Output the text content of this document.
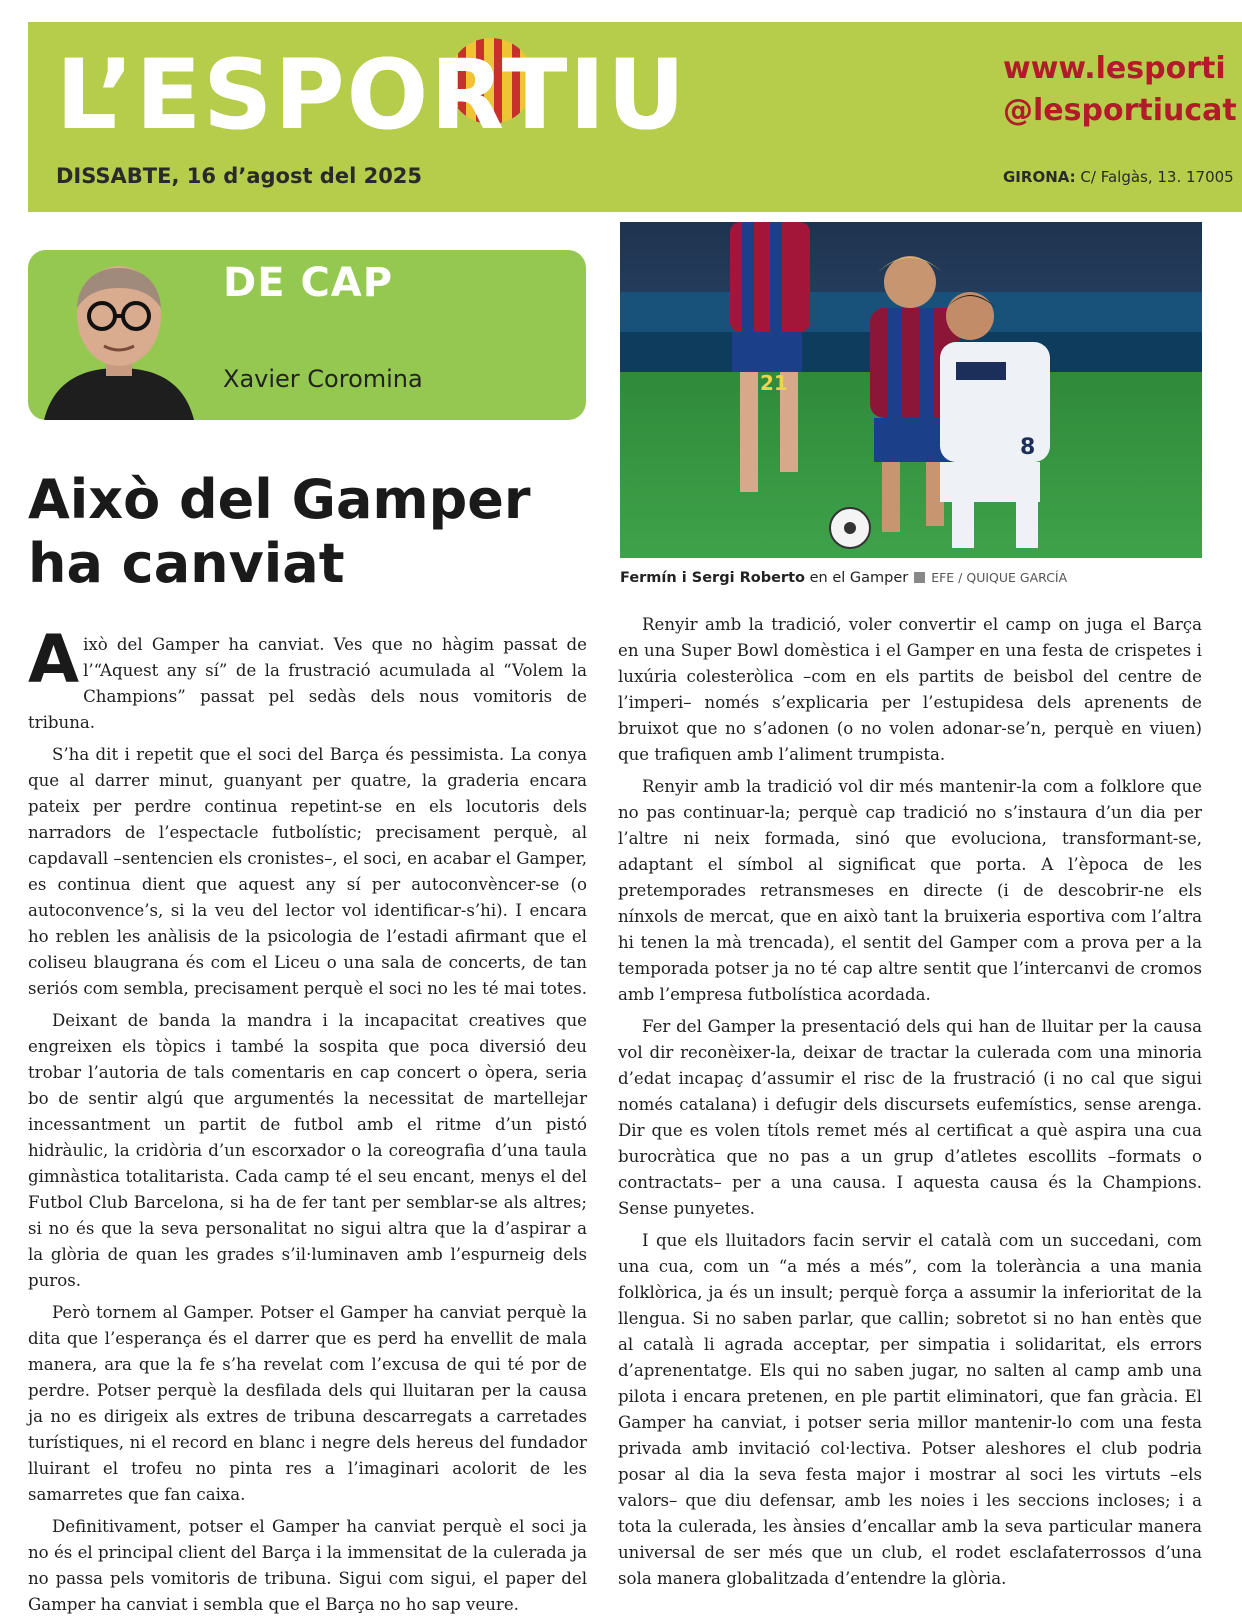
L’ESPORTIU
DISSABTE, 16 d’agost del 2025
www.lesporti
@lesportiucat
GIRONA: C/ Falgàs, 13. 17005
DE CAP
Xavier Coromina
Això del Gamper ha canviat
21
8
Fermín i Sergi Roberto en el Gamper EFE / QUIQUE GARCÍA

Això del Gamper ha canviat. Ves que no hàgim passat de l’“Aquest any sí” de la frustració acumulada al “Volem la Champions” passat pel sedàs dels nous vomitoris de tribuna.

S’ha dit i repetit que el soci del Barça és pessimista. La conya que al darrer minut, guanyant per quatre, la graderia encara pateix per perdre continua repetint-se en els locutoris dels narradors de l’espectacle futbolístic; precisament perquè, al capdavall –sentencien els cronistes–, el soci, en acabar el Gamper, es continua dient que aquest any sí per autoconvèncer-se (o autoconvence’s, si la veu del lector vol identificar-s’hi). I encara ho reblen les anàlisis de la psicologia de l’estadi afirmant que el coliseu blaugrana és com el Liceu o una sala de concerts, de tan seriós com sembla, precisament perquè el soci no les té mai totes.

Deixant de banda la mandra i la incapacitat creatives que engreixen els tòpics i també la sospita que poca diversió deu trobar l’autoria de tals comentaris en cap concert o òpera, seria bo de sentir algú que argumentés la necessitat de martellejar incessantment un partit de futbol amb el ritme d’un pistó hidràulic, la cridòria d’un escorxador o la coreografia d’una taula gimnàstica totalitarista. Cada camp té el seu encant, menys el del Futbol Club Barcelona, si ha de fer tant per semblar-se als altres; si no és que la seva personalitat no sigui altra que la d’aspirar a la glòria de quan les grades s’il·luminaven amb l’espurneig dels puros.

Però tornem al Gamper. Potser el Gamper ha canviat perquè la dita que l’esperança és el darrer que es perd ha envellit de mala manera, ara que la fe s’ha revelat com l’excusa de qui té por de perdre. Potser perquè la desfilada dels qui lluitaran per la causa ja no es dirigeix als extres de tribuna descarregats a carretades turístiques, ni el record en blanc i negre dels hereus del fundador lluirant el trofeu no pinta res a l’imaginari acolorit de les samarretes que fan caixa.

Definitivament, potser el Gamper ha canviat perquè el soci ja no és el principal client del Barça i la immensitat de la culerada ja no passa pels vomitoris de tribuna. Sigui com sigui, el paper del Gamper ha canviat i sembla que el Barça no ho sap veure.

Renyir amb la tradició, voler convertir el camp on juga el Barça en una Super Bowl domèstica i el Gamper en una festa de crispetes i luxúria colesteròlica –com en els partits de beisbol del centre de l’imperi– només s’explicaria per l’estupidesa dels aprenents de bruixot que no s’adonen (o no volen adonar-se’n, perquè en viuen) que trafiquen amb l’aliment trumpista.

Renyir amb la tradició vol dir més mantenir-la com a folklore que no pas continuar-la; perquè cap tradició no s’instaura d’un dia per l’altre ni neix formada, sinó que evoluciona, transformant-se, adaptant el símbol al significat que porta. A l’època de les pretemporades retransmeses en directe (i de descobrir-ne els nínxols de mercat, que en això tant la bruixeria esportiva com l’altra hi tenen la mà trencada), el sentit del Gamper com a prova per a la temporada potser ja no té cap altre sentit que l’intercanvi de cromos amb l’empresa futbolística acordada.

Fer del Gamper la presentació dels qui han de lluitar per la causa vol dir reconèixer-la, deixar de tractar la culerada com una minoria d’edat incapaç d’assumir el risc de la frustració (i no cal que sigui només catalana) i defugir dels discursets eufemístics, sense arenga. Dir que es volen títols remet més al certificat a què aspira una cua burocràtica que no pas a un grup d’atletes escollits –formats o contractats– per a una causa. I aquesta causa és la Champions. Sense punyetes.

I que els lluitadors facin servir el català com un succedani, com una cua, com un “a més a més”, com la tolerància a una mania folklòrica, ja és un insult; perquè força a assumir la inferioritat de la llengua. Si no saben parlar, que callin; sobretot si no han entès que al català li agrada acceptar, per simpatia i solidaritat, els errors d’aprenentatge. Els qui no saben jugar, no salten al camp amb una pilota i encara pretenen, en ple partit eliminatori, que fan gràcia. El Gamper ha canviat, i potser seria millor mantenir-lo com una festa privada amb invitació col·lectiva. Potser aleshores el club podria posar al dia la seva festa major i mostrar al soci les virtuts –els valors– que diu defensar, amb les noies i les seccions incloses; i a tota la culerada, les ànsies d’encallar amb la seva particular manera universal de ser més que un club, el rodet esclafaterrossos d’una sola manera globalitzada d’entendre la glòria.
